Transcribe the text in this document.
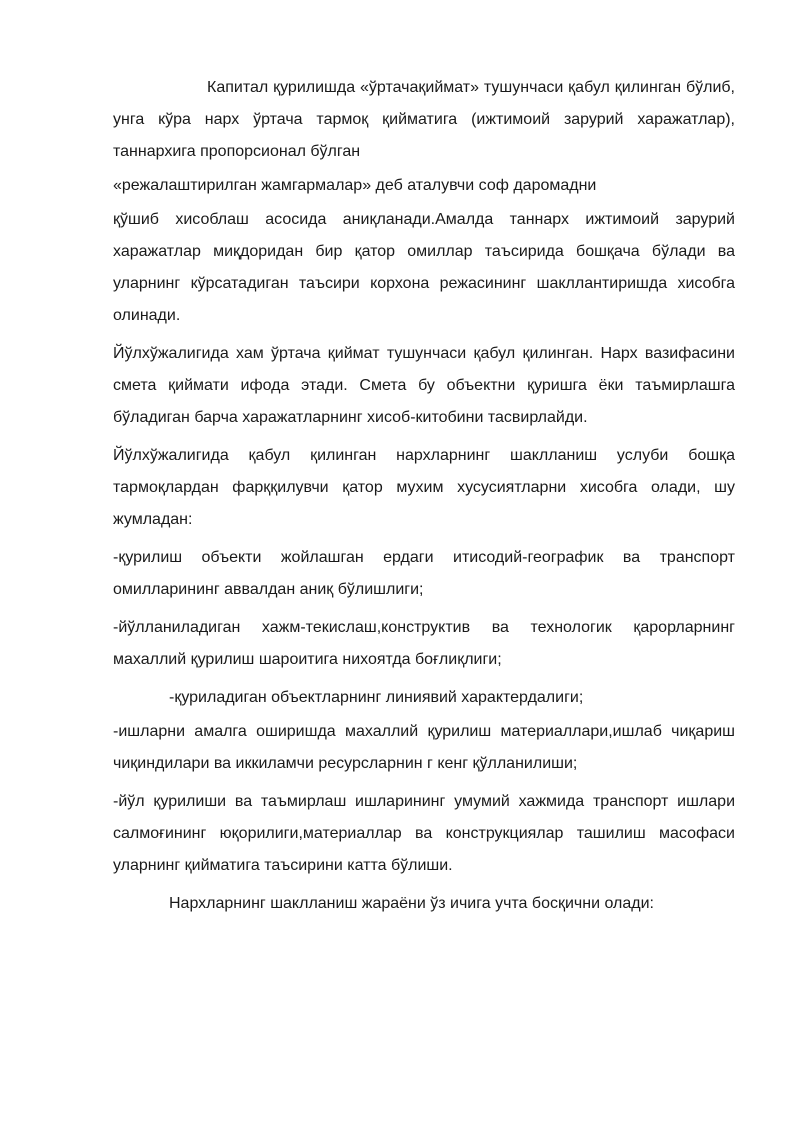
Капитал қурилишда «ўртачақиймат» тушунчаси қабул қилинган бўлиб, унга кўра нарх ўртача тармоқ қийматига (ижтимоий зарурий харажатлар), таннархига пропорсионал бўлган

«режалаштирилган жамгармалар» деб аталувчи соф даромадни

қўшиб хисоблаш асосида аниқланади.Амалда таннарх ижтимоий зарурий харажатлар миқдоридан бир қатор омиллар таъсирида бошқача бўлади ва уларнинг кўрсатадиган таъсири корхона режасининг шакллантиришда хисобга олинади.

Йўлхўжалигида хам ўртача қиймат тушунчаси қабул қилинган. Нарх вазифасини смета қиймати ифода этади. Смета бу объектни қуришга ёки таъмирлашга бўладиган барча харажатларнинг хисоб-китобини тасвирлайди.

Йўлхўжалигида қабул қилинган нархларнинг шаклланиш услуби бошқа тармоқлардан фарққилувчи қатор мухим хусусиятларни хисобга олади, шу жумладан:

-қурилиш объекти жойлашган ердаги итисодий-географик ва транспорт омилларининг аввалдан аниқ бўлишлиги;

-йўлланиладиган хажм-текислаш,конструктив ва технологик қарорларнинг махаллий қурилиш шароитига нихоятда боғлиқлиги;

-қуриладиган объектларнинг линиявий характердалиги;

-ишларни амалга оширишда махаллий қурилиш материаллари,ишлаб чиқариш чиқиндилари ва иккиламчи ресурсларнин г кенг қўлланилиши;

-йўл қурилиши ва таъмирлаш ишларининг умумий хажмида транспорт ишлари салмоғининг юқорилиги,материаллар ва конструкциялар ташилиш масофаси уларнинг қийматига таъсирини катта бўлиши.

Нархларнинг шаклланиш жараёни ўз ичига учта босқични олади:
